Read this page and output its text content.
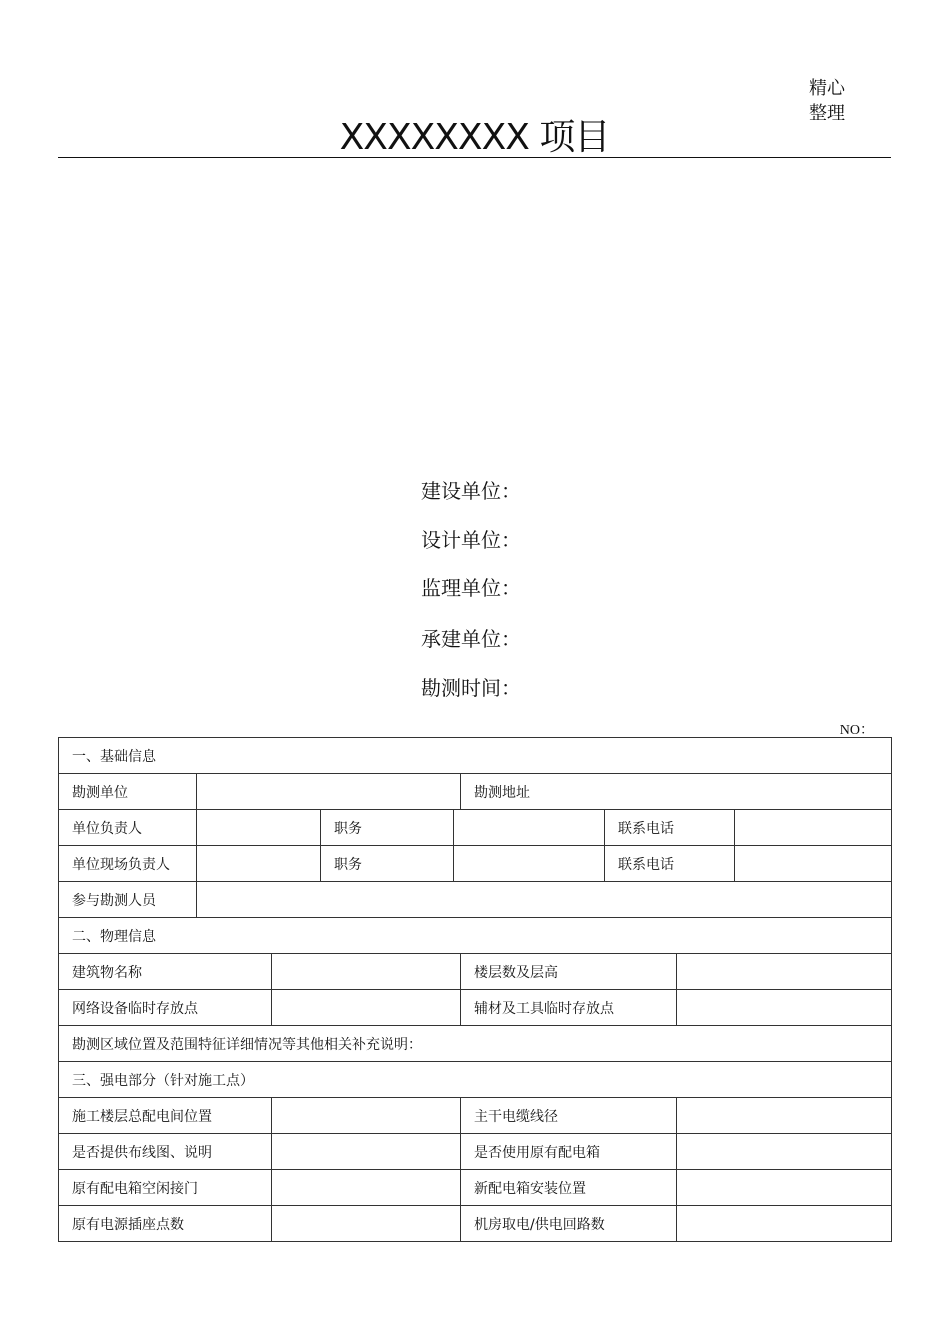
精心
整理
XXXXXXXX 项目
建设单位：
设计单位：
监理单位：
承建单位：
勘测时间：
NO：
一、基础信息								
勘测单位					勘测地址			
单位负责人			职务			联系电话		
单位现场负责人			职务			联系电话		
参与勘测人员								
二、物理信息								
建筑物名称					楼层数及层高			
网络设备临时存放点					辅材及工具临时存放点			
勘测区域位置及范围特征详细情况等其他相关补充说明：								
三、强电部分（针对施工点）								
施工楼层总配电间位置					主干电缆线径			
是否提供布线图、说明					是否使用原有配电箱			
原有配电箱空闲接门					新配电箱安装位置			
原有电源插座点数					机房取电/供电回路数			
